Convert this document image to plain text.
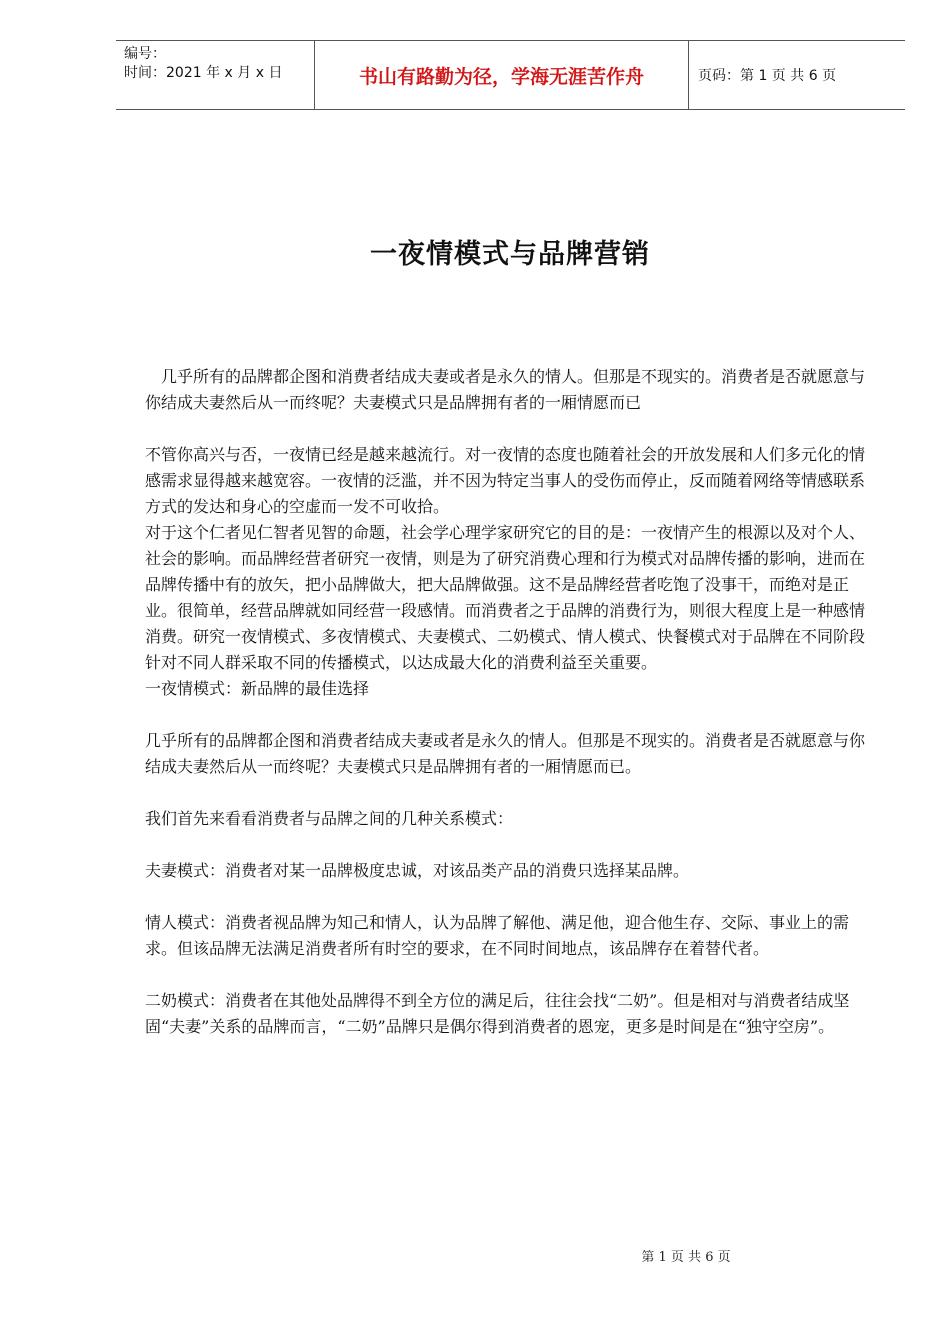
编号：
时间：2021 年 x 月 x 日	书山有路勤为径，学海无涯苦作舟	页码：第 1 页 共 6 页
一夜情模式与品牌营销

几乎所有的品牌都企图和消费者结成夫妻或者是永久的情人。但那是不现实的。消费者是否就愿意与你结成夫妻然后从一而终呢？夫妻模式只是品牌拥有者的一厢情愿而已

不管你高兴与否，一夜情已经是越来越流行。对一夜情的态度也随着社会的开放发展和人们多元化的情感需求显得越来越宽容。一夜情的泛滥，并不因为特定当事人的受伤而停止，反而随着网络等情感联系方式的发达和身心的空虚而一发不可收拾。

对于这个仁者见仁智者见智的命题，社会学心理学家研究它的目的是：一夜情产生的根源以及对个人、社会的影响。而品牌经营者研究一夜情，则是为了研究消费心理和行为模式对品牌传播的影响，进而在品牌传播中有的放矢，把小品牌做大，把大品牌做强。这不是品牌经营者吃饱了没事干，而绝对是正业。很简单，经营品牌就如同经营一段感情。而消费者之于品牌的消费行为，则很大程度上是一种感情消费。研究一夜情模式、多夜情模式、夫妻模式、二奶模式、情人模式、快餐模式对于品牌在不同阶段针对不同人群采取不同的传播模式，以达成最大化的消费利益至关重要。

一夜情模式：新品牌的最佳选择

几乎所有的品牌都企图和消费者结成夫妻或者是永久的情人。但那是不现实的。消费者是否就愿意与你结成夫妻然后从一而终呢？夫妻模式只是品牌拥有者的一厢情愿而已。

我们首先来看看消费者与品牌之间的几种关系模式：

夫妻模式：消费者对某一品牌极度忠诚，对该品类产品的消费只选择某品牌。

情人模式：消费者视品牌为知己和情人，认为品牌了解他、满足他，迎合他生存、交际、事业上的需求。但该品牌无法满足消费者所有时空的要求，在不同时间地点，该品牌存在着替代者。

二奶模式：消费者在其他处品牌得不到全方位的满足后，往往会找“二奶”。但是相对与消费者结成坚固“夫妻”关系的品牌而言，“二奶”品牌只是偶尔得到消费者的恩宠，更多是时间是在“独守空房”。

第 1 页 共 6 页
